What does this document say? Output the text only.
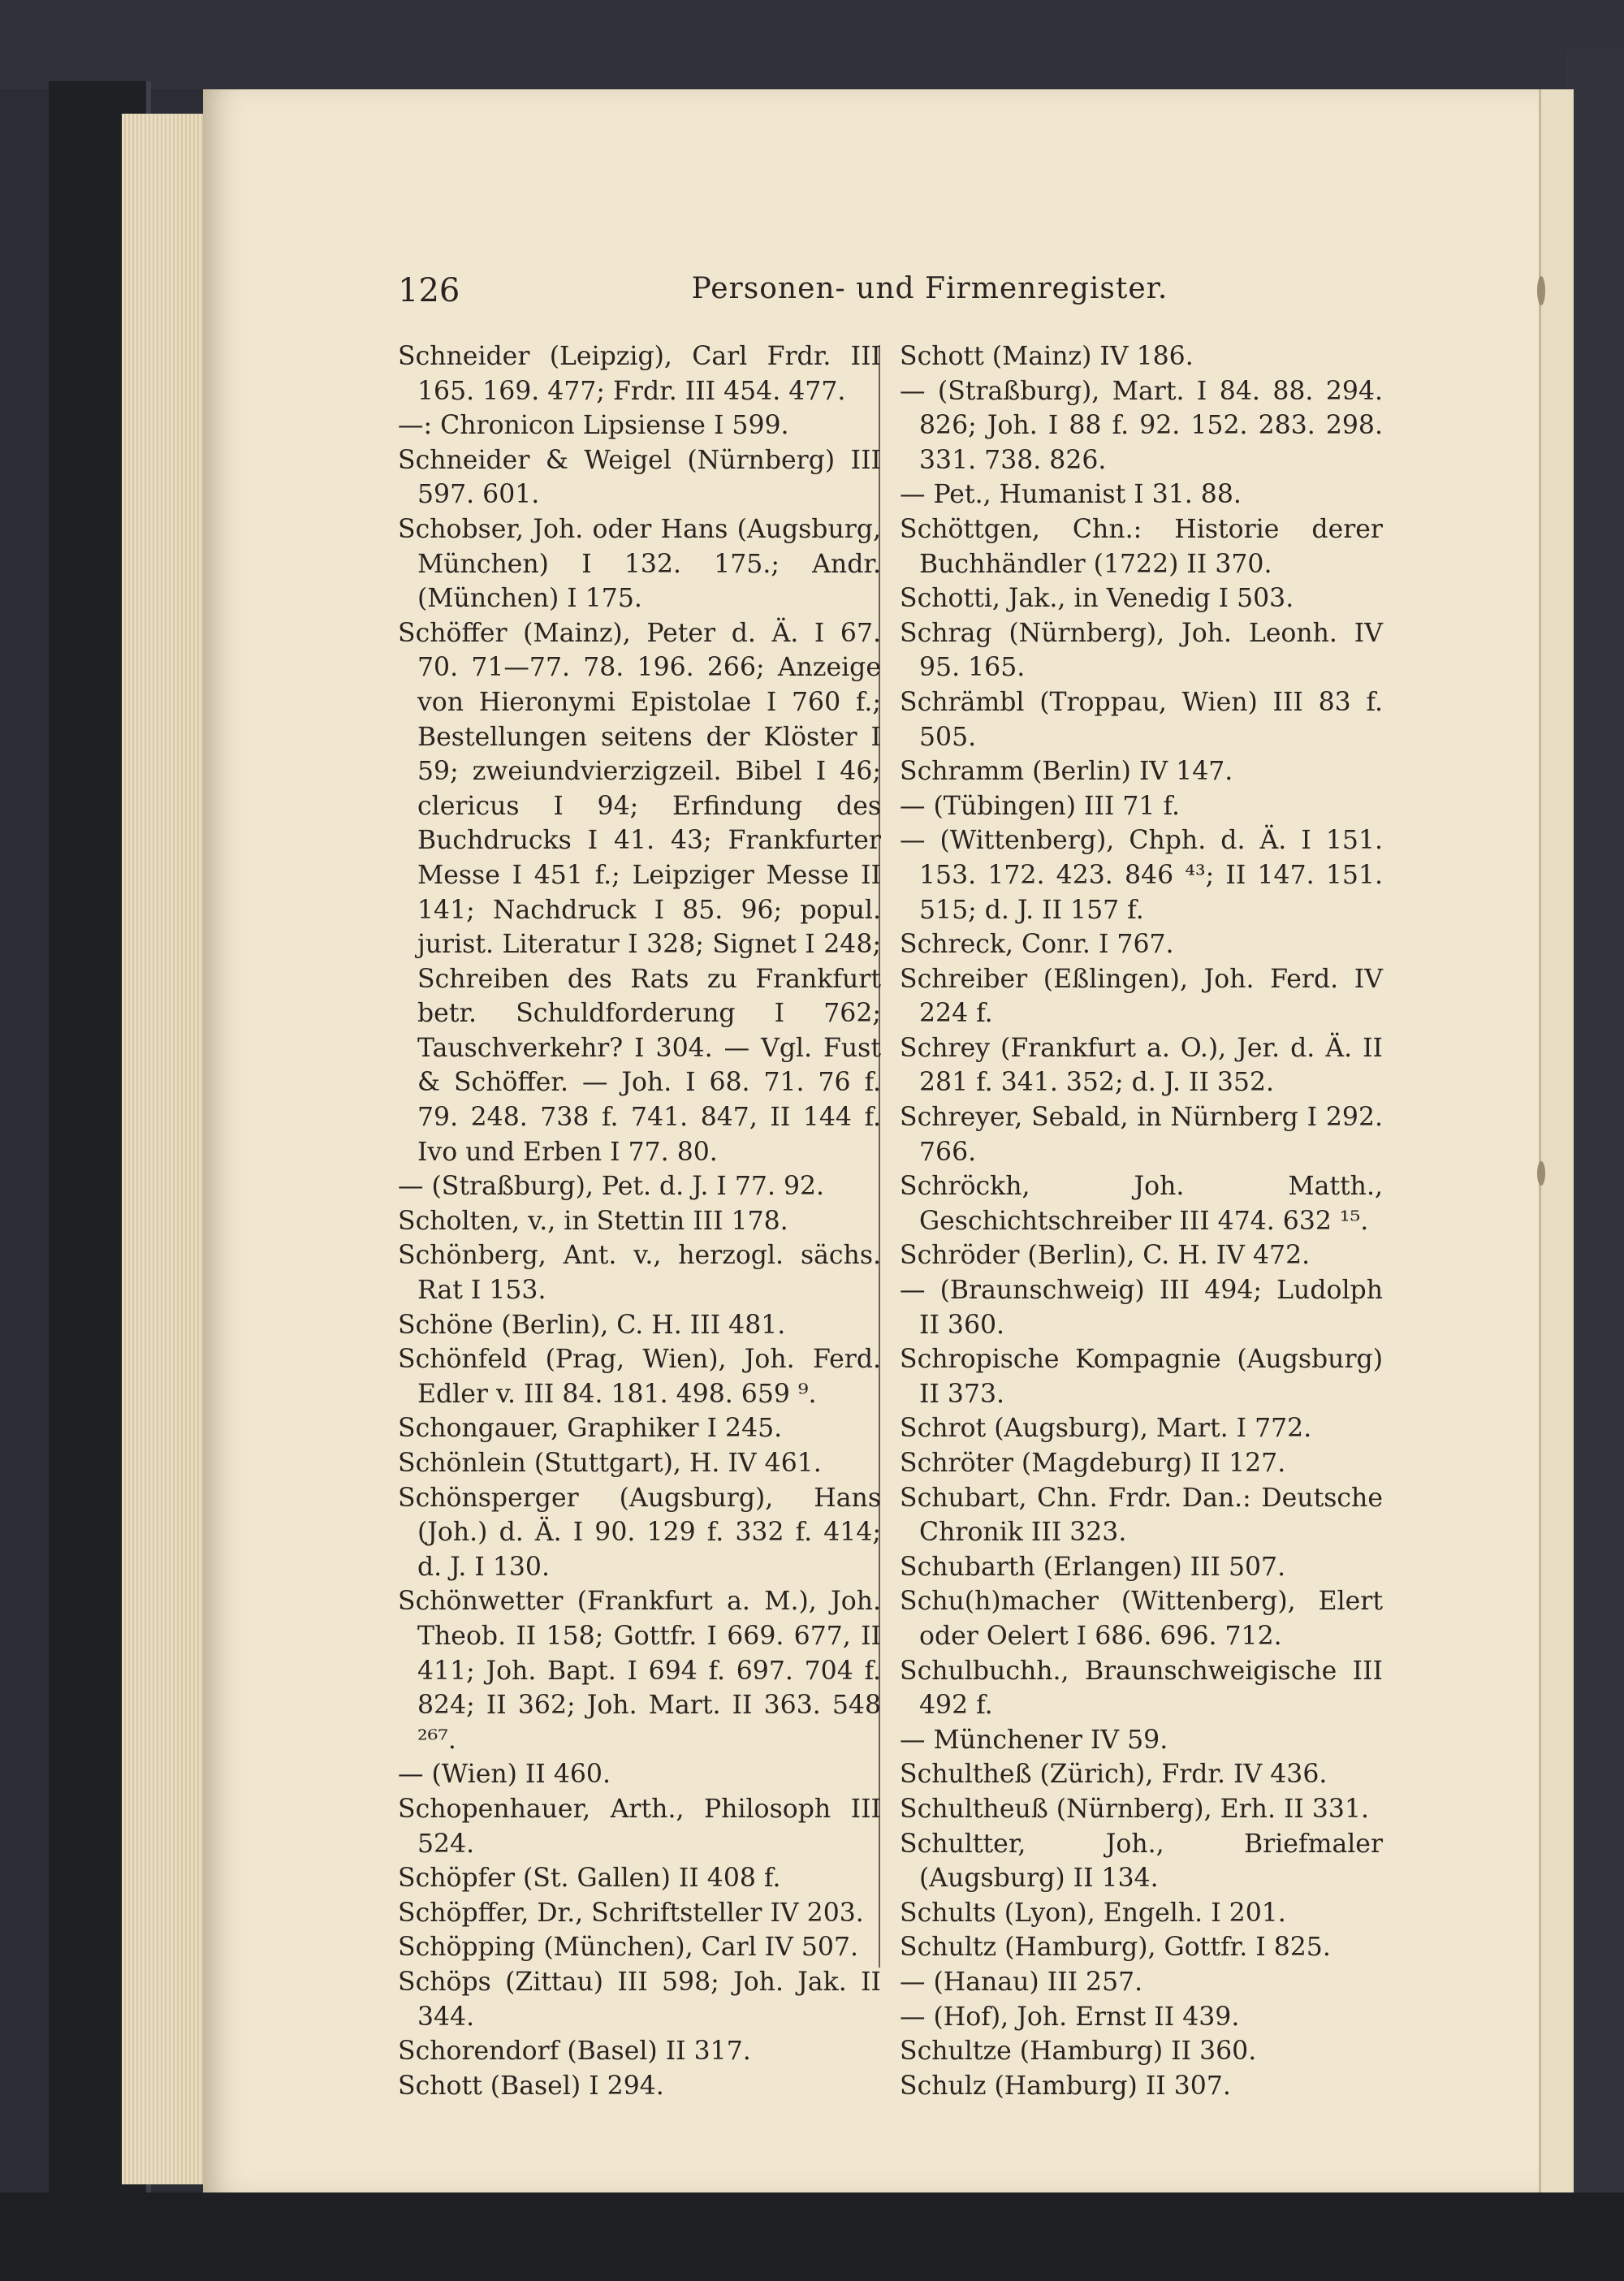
Personen- und Firmenregister.
126

Schneider (Leipzig), Carl Frdr. III 165. 169. 477; Frdr. III 454. 477.

—: Chronicon Lipsiense I 599.

Schneider & Weigel (Nürnberg) III 597. 601.

Schobser, Joh. oder Hans (Augsburg, München) I 132. 175.; Andr. (München) I 175.

Schöffer (Mainz), Peter d. Ä. I 67. 70. 71—77. 78. 196. 266; Anzeige von Hieronymi Epistolae I 760 f.; Bestellungen seitens der Klöster I 59; zweiundvierzigzeil. Bibel I 46; clericus I 94; Erfindung des Buchdrucks I 41. 43; Frankfurter Messe I 451 f.; Leipziger Messe II 141; Nachdruck I 85. 96; popul. jurist. Literatur I 328; Signet I 248; Schreiben des Rats zu Frankfurt betr. Schuldforderung I 762; Tauschverkehr? I 304. — Vgl. Fust & Schöffer. — Joh. I 68. 71. 76 f. 79. 248. 738 f. 741. 847, II 144 f. Ivo und Erben I 77. 80.

— (Straßburg), Pet. d. J. I 77. 92.

Scholten, v., in Stettin III 178.

Schönberg, Ant. v., herzogl. sächs. Rat I 153.

Schöne (Berlin), C. H. III 481.

Schönfeld (Prag, Wien), Joh. Ferd. Edler v. III 84. 181. 498. 659 ⁹.

Schongauer, Graphiker I 245.

Schönlein (Stuttgart), H. IV 461.

Schönsperger (Augsburg), Hans (Joh.) d. Ä. I 90. 129 f. 332 f. 414; d. J. I 130.

Schönwetter (Frankfurt a. M.), Joh. Theob. II 158; Gottfr. I 669. 677, II 411; Joh. Bapt. I 694 f. 697. 704 f. 824; II 362; Joh. Mart. II 363. 548 ²⁶⁷.

— (Wien) II 460.

Schopenhauer, Arth., Philosoph III 524.

Schöpfer (St. Gallen) II 408 f.

Schöpffer, Dr., Schriftsteller IV 203.

Schöpping (München), Carl IV 507.

Schöps (Zittau) III 598; Joh. Jak. II 344.

Schorendorf (Basel) II 317.

Schott (Basel) I 294.

Schott (Mainz) IV 186.

— (Straßburg), Mart. I 84. 88. 294. 826; Joh. I 88 f. 92. 152. 283. 298. 331. 738. 826.

— Pet., Humanist I 31. 88.

Schöttgen, Chn.: Historie derer Buchhändler (1722) II 370.

Schotti, Jak., in Venedig I 503.

Schrag (Nürnberg), Joh. Leonh. IV 95. 165.

Schrämbl (Troppau, Wien) III 83 f. 505.

Schramm (Berlin) IV 147.

— (Tübingen) III 71 f.

— (Wittenberg), Chph. d. Ä. I 151. 153. 172. 423. 846 ⁴³; II 147. 151. 515; d. J. II 157 f.

Schreck, Conr. I 767.

Schreiber (Eßlingen), Joh. Ferd. IV 224 f.

Schrey (Frankfurt a. O.), Jer. d. Ä. II 281 f. 341. 352; d. J. II 352.

Schreyer, Sebald, in Nürnberg I 292. 766.

Schröckh, Joh. Matth., Geschichtschreiber III 474. 632 ¹⁵.

Schröder (Berlin), C. H. IV 472.

— (Braunschweig) III 494; Ludolph II 360.

Schropische Kompagnie (Augsburg) II 373.

Schrot (Augsburg), Mart. I 772.

Schröter (Magdeburg) II 127.

Schubart, Chn. Frdr. Dan.: Deutsche Chronik III 323.

Schubarth (Erlangen) III 507.

Schu(h)macher (Wittenberg), Elert oder Oelert I 686. 696. 712.

Schulbuchh., Braunschweigische III 492 f.

— Münchener IV 59.

Schultheß (Zürich), Frdr. IV 436.

Schultheuß (Nürnberg), Erh. II 331.

Schultter, Joh., Briefmaler (Augsburg) II 134.

Schults (Lyon), Engelh. I 201.

Schultz (Hamburg), Gottfr. I 825.

— (Hanau) III 257.

— (Hof), Joh. Ernst II 439.

Schultze (Hamburg) II 360.

Schulz (Hamburg) II 307.
